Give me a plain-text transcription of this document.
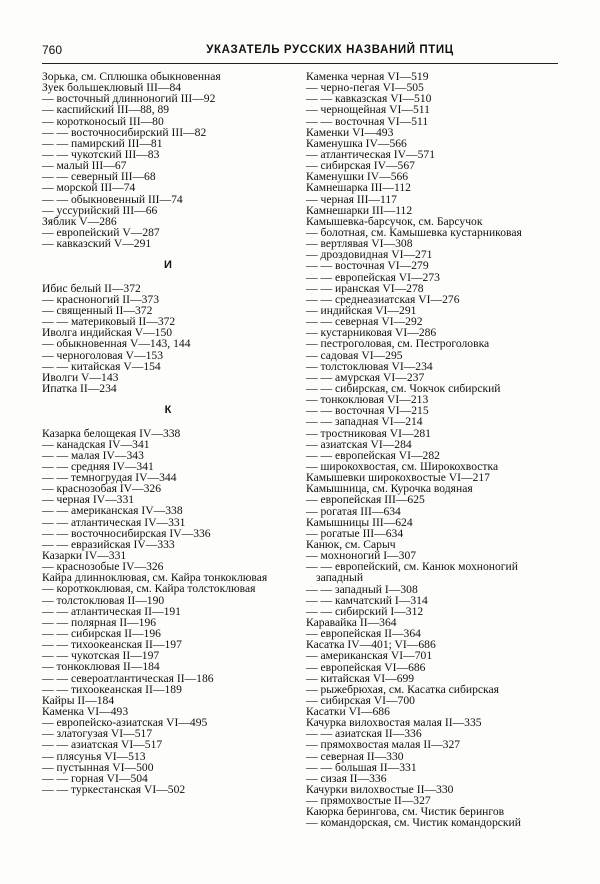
760	УКАЗАТЕЛЬ РУССКИХ НАЗВАНИЙ ПТИЦ
Зорька, см. Сплюшка обыкновенная
Зуек большеклювый III—84
— восточный длинноногий III—92
— каспийский III—88, 89
— коротконосый III—80
— — восточносибирский III—82
— — памирский III—81
— — чукотский III—83
— малый III—67
— — северный III—68
— морской III—74
— — обыкновенный III—74
— уссурийский III—66
Зяблик V—286
— европейский V—287
— кавказский V—291
И
Ибис белый II—372
— красноногий II—373
— священный II—372
— — материковый II—372
Иволга индийская V—150
— обыкновенная V—143, 144
— черноголовая V—153
— — китайская V—154
Иволги V—143
Ипатка II—234
К
Казарка белощекая IV—338
— канадская IV—341
— — малая IV—343
— — средняя IV—341
— — темногрудая IV—344
— краснозобая IV—326
— черная IV—331
— — американская IV—338
— — атлантическая IV—331
— — восточносибирская IV—336
— — евразийская IV—333
Казарки IV—331
— краснозобые IV—326
Кайра длинноклювая, см. Кайра тонкоклювая
— короткоклювая, см. Кайра толстоклювая
— толстоклювая II—190
— — атлантическая II—191
— — полярная II—196
— — сибирская II—196
— — тихоокеанская II—197
— — чукотская II—197
— тонкоклювая II—184
— — североатлантическая II—186
— — тихоокеанская II—189
Кайры II—184
Каменка VI—493
— европейско-азиатская VI—495
— златогузая VI—517
— — азиатская VI—517
— плясунья VI—513
— пустынная VI—500
— — горная VI—504
— — туркестанская VI—502
Каменка черная VI—519
— черно-пегая VI—505
— — кавказская VI—510
— чернощейная VI—511
— — восточная VI—511
Каменки VI—493
Каменушка IV—566
— атлантическая IV—571
— сибирская IV—567
Каменушки IV—566
Камнешарка III—112
— черная III—117
Камнешарки III—112
Камышевка-барсучок, см. Барсучок
— болотная, см. Камышевка кустарниковая
— вертлявая VI—308
— дроздовидная VI—271
— — восточная VI—279
— — европейская VI—273
— — иранская VI—278
— — среднеазиатская VI—276
— индийская VI—291
— — северная VI—292
— кустарниковая VI—286
— пестроголовая, см. Пестроголовка
— садовая VI—295
— толстоклювая VI—234
— — амурская VI—237
— — сибирская, см. Чокчок сибирский
— тонкоклювая VI—213
— — восточная VI—215
— — западная VI—214
— тростниковая VI—281
— азиатская VI—284
— — европейская VI—282
— широкохвостая, см. Широкохвостка
Камышевки широкохвостые VI—217
Камышница, см. Курочка водяная
— европейская III—625
— рогатая III—634
Камышницы III—624
— рогатые III—634
Канюк, см. Сарыч
— мохноногий I—307
— — европейский, см. Канюк мохноногий западный
— — западный I—308
— — камчатский I—314
— — сибирский I—312
Каравайка II—364
— европейская II—364
Касатка IV—401; VI—686
— американская VI—701
— европейская VI—686
— китайская VI—699
— рыжебрюхая, см. Касатка сибирская
— сибирская VI—700
Касатки VI—686
Качурка вилохвостая малая II—335
— — азиатская II—336
— прямохвостая малая II—327
— северная II—330
— — большая II—331
— сизая II—336
Качурки вилохвостые II—330
— прямохвостые II—327
Каюрка берингова, см. Чистик берингов
— командорская, см. Чистик командорский
